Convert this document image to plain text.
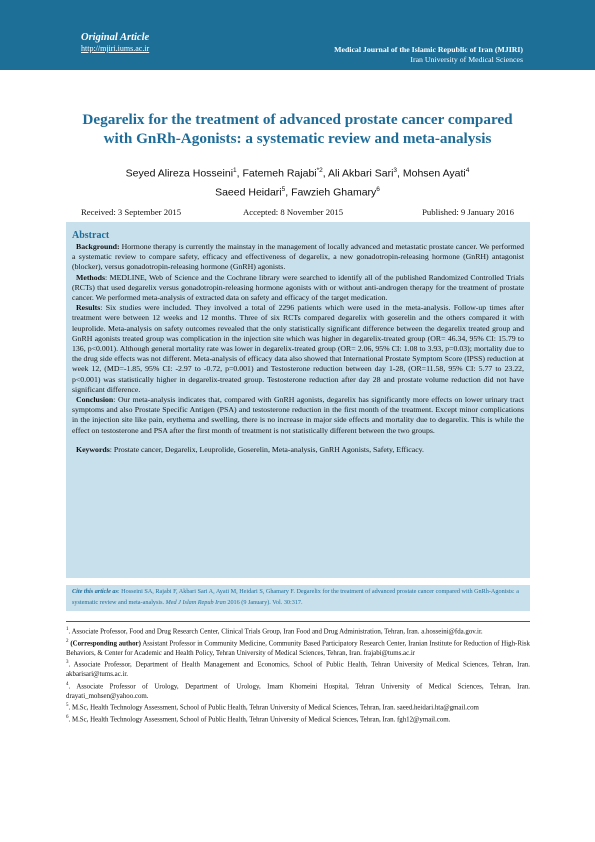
Original Article
http://mjiri.iums.ac.ir	Medical Journal of the Islamic Republic of Iran (MJIRI)
Iran University of Medical Sciences
Degarelix for the treatment of advanced prostate cancer compared
with GnRh-Agonists: a systematic review and meta-analysis
Seyed Alireza Hosseini$^1$, Fatemeh Rajabi$^{*2}$, Ali Akbari Sari$^3$, Mohsen Ayati$^4$
Saeed Heidari$^5$, Fawzieh Ghamary$^6$
Received: 3 September 2015	Accepted: 8 November 2015	Published: 9 January 2016
Abstract

Background: Hormone therapy is currently the mainstay in the management of locally advanced and metastatic prostate cancer. We performed a systematic review to compare safety, efficacy and effectiveness of degarelix, a new gonadotropin-releasing hormone (GnRH) antagonist (blocker), versus gonadotropin-releasing hormone (GnRH) agonists.

Methods: MEDLINE, Web of Science and the Cochrane library were searched to identify all of the published Randomized Controlled Trials (RCTs) that used degarelix versus gonadotropin-releasing hormone agonists with or without anti-androgen therapy for the treatment of prostate cancer. We performed meta-analysis of extracted data on safety and efficacy of the target medication.

Results: Six studies were included. They involved a total of 2296 patients which were used in the meta-analysis. Follow-up times after treatment were between 12 weeks and 12 months. Three of six RCTs compared degarelix with goserelin and the others compared it with leuprolide. Meta-analysis on safety outcomes revealed that the only statistically significant difference between the degarelix treated group and GnRH agonists treated group was complication in the injection site which was higher in degarelix-treated group (OR= 46.34, 95% CI: 15.79 to 136, p<0.001). Although general mortality rate was lower in degarelix-treated group (OR= 2.06, 95% CI: 1.08 to 3.93, p=0.03); mortality due to the drug side effects was not different. Meta-analysis of efficacy data also showed that International Prostate Symptom Score (IPSS) reduction at week 12, (MD=-1.85, 95% CI: -2.97 to -0.72, p=0.001) and Testosterone reduction between day 1-28, (OR=11.58, 95% CI: 5.77 to 23.22, p<0.001) was statistically higher in degarelix-treated group. Testosterone reduction after day 28 and prostate volume reduction did not have significant difference.

Conclusion: Our meta-analysis indicates that, compared with GnRH agonists, degarelix has significantly more effects on lower urinary tract symptoms and also Prostate Specific Antigen (PSA) and testosterone reduction in the first month of the treatment. Except minor complications in the injection site like pain, erythema and swelling, there is no increase in major side effects and mortality due to degarelix. This is while the effect on testosterone and PSA after the first month of treatment is not statistically different between the two groups.

Keywords: Prostate cancer, Degarelix, Leuprolide, Goserelin, Meta-analysis, GnRH Agonists, Safety, Efficacy.

Cite this article as: Hosseini SA, Rajabi F, Akbari Sari A, Ayati M, Heidari S, Ghamary F. Degarelix for the treatment of advanced prostate cancer compared with GnRh-Agonists: a systematic review and meta-analysis. Med J Islam Repub Iran 2016 (9 January). Vol. 30:317.

$^1$. Associate Professor, Food and Drug Research Center, Clinical Trials Group, Iran Food and Drug Administration, Tehran, Iran. a.hosseini@fda.gov.ir.

$^2$ (Corresponding author) Assistant Professor in Community Medicine, Community Based Participatory Research Center, Iranian Institute for Reduction of High-Risk Behaviors, & Center for Academic and Health Policy, Tehran University of Medical Sciences, Tehran, Iran. frajabi@tums.ac.ir

$^3$. Associate Professor, Department of Health Management and Economics, School of Public Health, Tehran University of Medical Sciences, Tehran, Iran. akbarisari@tums.ac.ir.

$^4$. Associate Professor of Urology, Department of Urology, Imam Khomeini Hospital, Tehran University of Medical Sciences, Tehran, Iran. drayati_mohsen@yahoo.com.

$^5$. M.Sc, Health Technology Assessment, School of Public Health, Tehran University of Medical Sciences, Tehran, Iran. saeed.heidari.hta@gmail.com

$^6$. M.Sc, Health Technology Assessment, School of Public Health, Tehran University of Medical Sciences, Tehran, Iran. fgh12@ymail.com.
